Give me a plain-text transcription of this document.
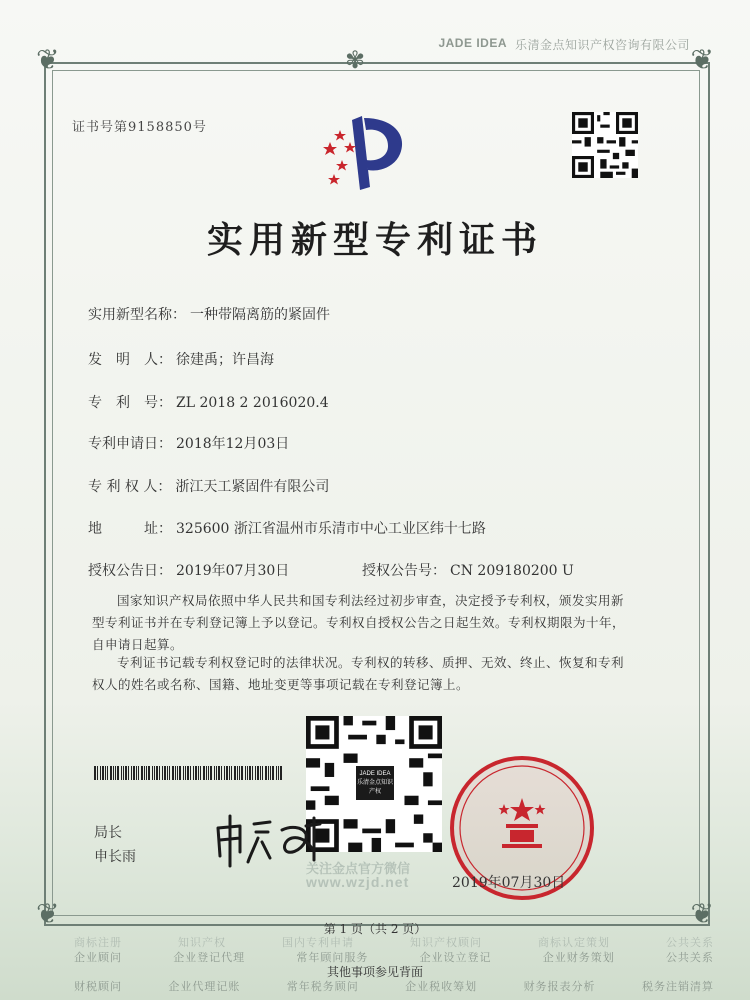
JADE IDEA 乐清金点知识产权咨询有限公司
❦	❦
❦	❦
✾
证书号第9158850号
实用新型专利证书
实用新型名称： 一种带隔离筋的紧固件
发　明　人： 徐建禹；许昌海
专　利　号： ZL 2018 2 2016020.4
专利申请日： 2018年12月03日
专 利 权 人： 浙江天工紧固件有限公司
地　　　址： 325600 浙江省温州市乐清市中心工业区纬十七路
授权公告日： 2019年07月30日	授权公告号： CN 209180200 U
国家知识产权局依照中华人民共和国专利法经过初步审查，决定授予专利权，颁发实用新型专利证书并在专利登记簿上予以登记。专利权自授权公告之日起生效。专利权期限为十年，自申请日起算。
专利证书记载专利权登记时的法律状况。专利权的转移、质押、无效、终止、恢复和专利权人的姓名或名称、国籍、地址变更等事项记载在专利登记簿上。
JADE IDEA
乐清金点知识产权
关注金点官方微信
www.wzjd.net
局长
申长雨
2019年07月30日
第 1 页（共 2 页）
商标注册	知识产权	国内专利申请	知识产权顾问	商标认定策划	公共关系
企业顾问	企业登记代理	常年顾问服务	企业设立登记	企业财务策划	公共关系
其他事项参见背面
财税顾问	企业代理记账	常年税务顾问	企业税收筹划	财务报表分析	税务注销清算
